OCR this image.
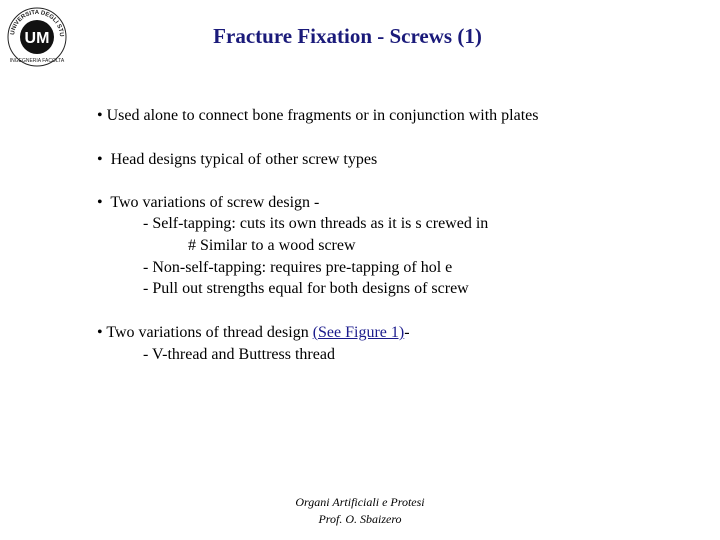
UM
UNIVERSITA DEGLI STU
INGEGNERIA FACOLTA
Fracture Fixation - Screws (1)
• Used alone to connect bone fragments or in conjunction with plates
•  Head designs typical of other screw types
•  Two variations of screw design -
- Self-tapping: cuts its own threads as it is s crewed in
# Similar to a wood screw
- Non-self-tapping: requires pre-tapping of hol e
- Pull out strengths equal for both designs of screw
• Two variations of thread design (See Figure 1)-
- V-thread and Buttress thread
Organi Artificiali e Protesi
Prof. O. Sbaizero
